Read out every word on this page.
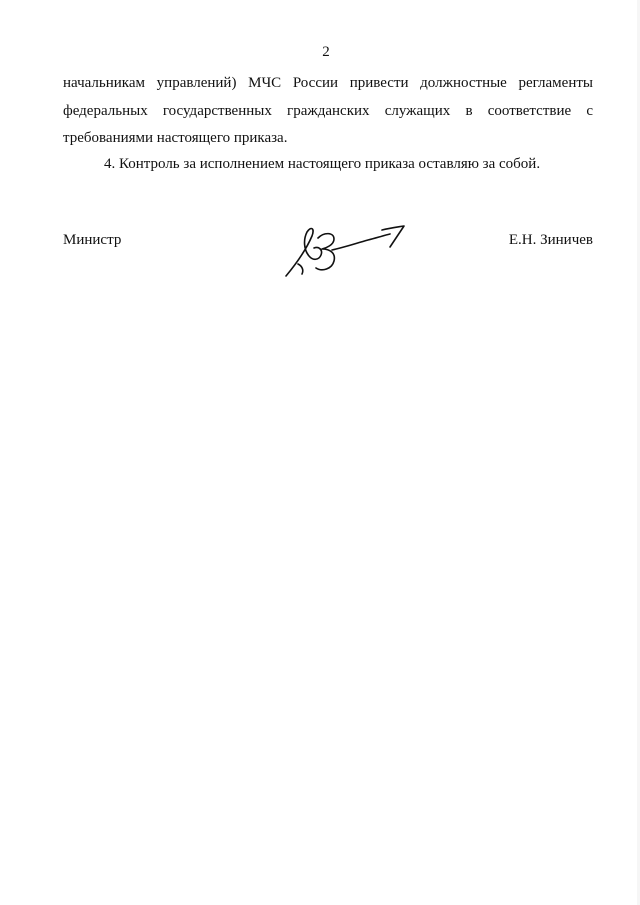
2
начальникам управлений) МЧС России привести должностные регламенты
федеральных государственных гражданских служащих в соответствие с
требованиями настоящего приказа.
4. Контроль за исполнением настоящего приказа оставляю за собой.
Министр	Е.Н. Зиничев
